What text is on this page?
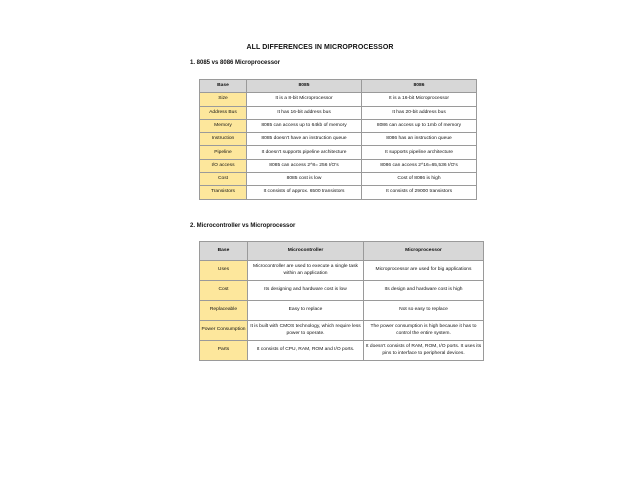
ALL DIFFERENCES IN MICROPROCESSOR
1. 8085 vs 8086 Microprocessor
Base	8085	8086
Size	It is a 8-bit Microprocessor	It is a 16-bit Microprocessor
Address Bus	It has 16-bit address bus	It has 20-bit address bus
Memory	8085 can access up to 64kb of memory	8086 can access up to 1mb of memory
Instruction	8085 doesn't have an instruction queue	8086 has an instruction queue
Pipeline	It doesn't supports pipeline architecture	It supports pipeline architecture
I/O access	8085 can access 2^8= 256 I/O's	8086 can access 2^16=65,536 I/O's
Cost	8085 cost is low	Cost of 8086 is high
Transistors	It consists of approx. 6500 transistors	It consists of 29000 transistors
2. Microcontroller vs Microprocessor
Base	Microcontroller	Microprocessor
Uses	Microcontroller are used to execute a single task within an application	Microprocessor are used for big applications
Cost	Its designing and hardware cost is low	Its design and hardware cost is high
Replaceable	Easy to replace	Not so easy to replace
Power Consumption	It is built with CMOS technology, which require less power to operate.	The power consumption is high because it has to control the entire system.
Parts	It consists of CPU, RAM, ROM and I/O ports.	It doesn't consists of RAM, ROM, I/O ports. It uses its pins to interface to peripheral devices.
